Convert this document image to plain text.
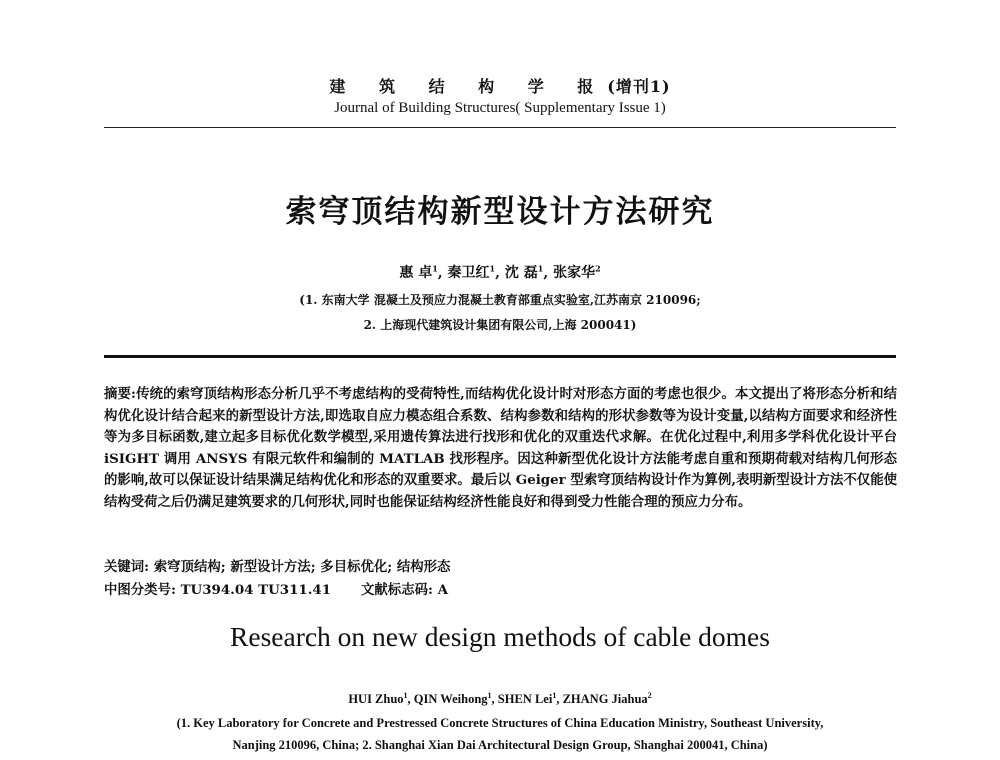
建 筑 结 构 学 报(增刊1)
Journal of Building Structures( Supplementary Issue 1)
索穹顶结构新型设计方法研究
惠 卓$^1$, 秦卫红$^1$, 沈 磊$^1$, 张家华$^2$
(1. 东南大学 混凝土及预应力混凝土教育部重点实验室,江苏南京 210096;
2. 上海现代建筑设计集团有限公司,上海 200041)

摘要:传统的索穹顶结构形态分析几乎不考虑结构的受荷特性,而结构优化设计时对形态方面的考虑也很少。本文提出了将形态分析和结构优化设计结合起来的新型设计方法,即选取自应力模态组合系数、结构参数和结构的形状参数等为设计变量,以结构方面要求和经济性等为多目标函数,建立起多目标优化数学模型,采用遗传算法进行找形和优化的双重迭代求解。在优化过程中,利用多学科优化设计平台 iSIGHT 调用 ANSYS 有限元软件和编制的 MATLAB 找形程序。因这种新型优化设计方法能考虑自重和预期荷载对结构几何形态的影响,故可以保证设计结果满足结构优化和形态的双重要求。最后以 Geiger 型索穹顶结构设计作为算例,表明新型设计方法不仅能使结构受荷之后仍满足建筑要求的几何形状,同时也能保证结构经济性能良好和得到受力性能合理的预应力分布。

关键词: 索穹顶结构; 新型设计方法; 多目标优化; 结构形态

中图分类号: TU394.04 TU311.41 文献标志码: A

Research on new design methods of cable domes
HUI Zhuo$^1$, QIN Weihong$^1$, SHEN Lei$^1$, ZHANG Jiahua$^2$
(1. Key Laboratory for Concrete and Prestressed Concrete Structures of China Education Ministry, Southeast University,
Nanjing 210096, China; 2. Shanghai Xian Dai Architectural Design Group, Shanghai 200041, China)
